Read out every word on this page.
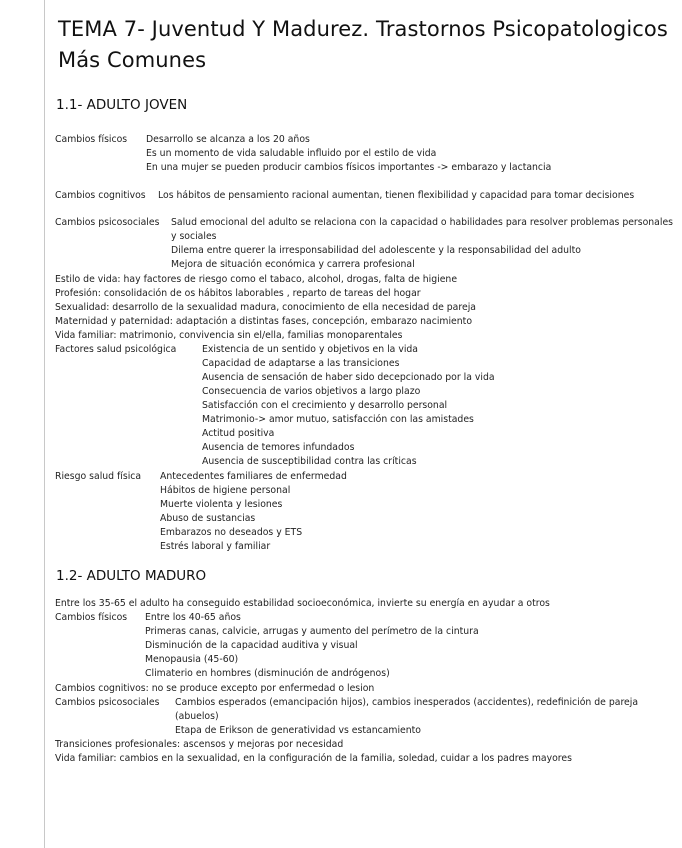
TEMA 7- Juventud Y Madurez. Trastornos Psicopatologicos Más Comunes
1.1- ADULTO JOVEN
Cambios físicos Desarrollo se alcanza a los 20 años
Es un momento de vida saludable influido por el estilo de vida
En una mujer se pueden producir cambios físicos importantes -> embarazo y lactancia
Cambios cognitivos Los hábitos de pensamiento racional aumentan, tienen flexibilidad y capacidad para tomar decisiones
Cambios psicosociales Salud emocional del adulto se relaciona con la capacidad o habilidades para resolver problemas personales
y sociales
Dilema entre querer la irresponsabilidad del adolescente y la responsabilidad del adulto
Mejora de situación económica y carrera profesional
Estilo de vida: hay factores de riesgo como el tabaco, alcohol, drogas, falta de higiene
Profesión: consolidación de os hábitos laborables , reparto de tareas del hogar
Sexualidad: desarrollo de la sexualidad madura, conocimiento de ella necesidad de pareja
Maternidad y paternidad: adaptación a distintas fases, concepción, embarazo nacimiento
Vida familiar: matrimonio, convivencia sin el/ella, familias monoparentales
Factores salud psicológica	Existencia de un sentido y objetivos en la vida
Capacidad de adaptarse a las transiciones
Ausencia de sensación de haber sido decepcionado por la vida
Consecuencia de varios objetivos a largo plazo
Satisfacción con el crecimiento y desarrollo personal
Matrimonio-> amor mutuo, satisfacción con las amistades
Actitud positiva
Ausencia de temores infundados
Ausencia de susceptibilidad contra las críticas
Riesgo salud física Antecedentes familiares de enfermedad
Hábitos de higiene personal
Muerte violenta y lesiones
Abuso de sustancias
Embarazos no deseados y ETS
Estrés laboral y familiar
1.2- ADULTO MADURO
Entre los 35-65 el adulto ha conseguido estabilidad socioeconómica, invierte su energía en ayudar a otros
Cambios físicos Entre los 40-65 años
Primeras canas, calvicie, arrugas y aumento del perímetro de la cintura
Disminución de la capacidad auditiva y visual
Menopausia (45-60)
Climaterio en hombres (disminución de andrógenos)
Cambios cognitivos: no se produce excepto por enfermedad o lesion
Cambios psicosociales Cambios esperados (emancipación hijos), cambios inesperados (accidentes), redefinición de pareja
(abuelos)
Etapa de Erikson de generatividad vs estancamiento
Transiciones profesionales: ascensos y mejoras por necesidad
Vida familiar: cambios en la sexualidad, en la configuración de la familia, soledad, cuidar a los padres mayores
